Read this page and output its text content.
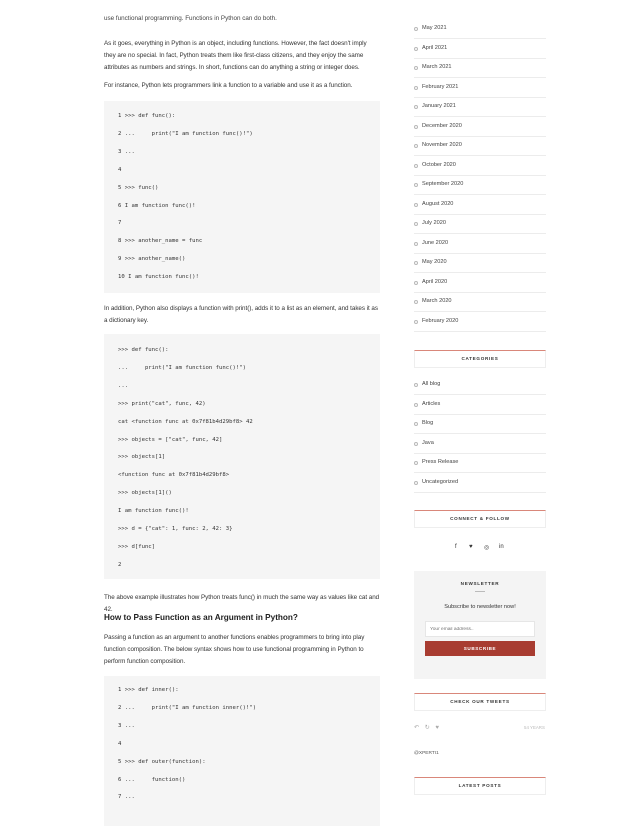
use functional programming. Functions in Python can do both.

As it goes, everything in Python is an object, including functions. However, the fact doesn't imply they are no special. In fact, Python treats them like first-class citizens, and they enjoy the same attributes as numbers and strings. In short, functions can do anything a string or integer does.

For instance, Python lets programmers link a function to a variable and use it as a function.

1 >>> def func():
2 ...     print("I am function func()!")
3 ...
4
5 >>> func()
6 I am function func()!
7
8 >>> another_name = func
9 >>> another_name()
10 I am function func()!

In addition, Python also displays a function with print(), adds it to a list as an element, and takes it as a dictionary key.

>>> def func():
...     print("I am function func()!")
...
>>> print("cat", func, 42)
cat <function func at 0x7f81b4d29bf8> 42
>>> objects = ["cat", func, 42]
>>> objects[1]
<function func at 0x7f81b4d29bf8>
>>> objects[1]()
I am function func()!
>>> d = {"cat": 1, func: 2, 42: 3}
>>> d[func]
2

The above example illustrates how Python treats func() in much the same way as values like cat and 42.

How to Pass Function as an Argument in Python?

Passing a function as an argument to another functions enables programmers to bring into play function composition. The below syntax shows how to use functional programming in Python to perform function composition.

1 >>> def inner():
2 ...     print("I am function inner()!")
3 ...
4
5 >>> def outer(function):
6 ...     function()
7 ...
May 2021
April 2021
March 2021
February 2021
January 2021
December 2020
November 2020
October 2020
September 2020
August 2020
July 2020
June 2020
May 2020
April 2020
March 2020
February 2020
CATEGORIES
All blog
Articles
Blog
Java
Press Release
Uncategorized
CONNECT & FOLLOW
f ♥ ◎ in
NEWSLETTER
Subscribe to newsletter now!
Your email address..
SUBSCRIBE
CHECK OUR TWEETS
↶ ↻ ♥	54 YEARS
@XPERTI1
LATEST POSTS
